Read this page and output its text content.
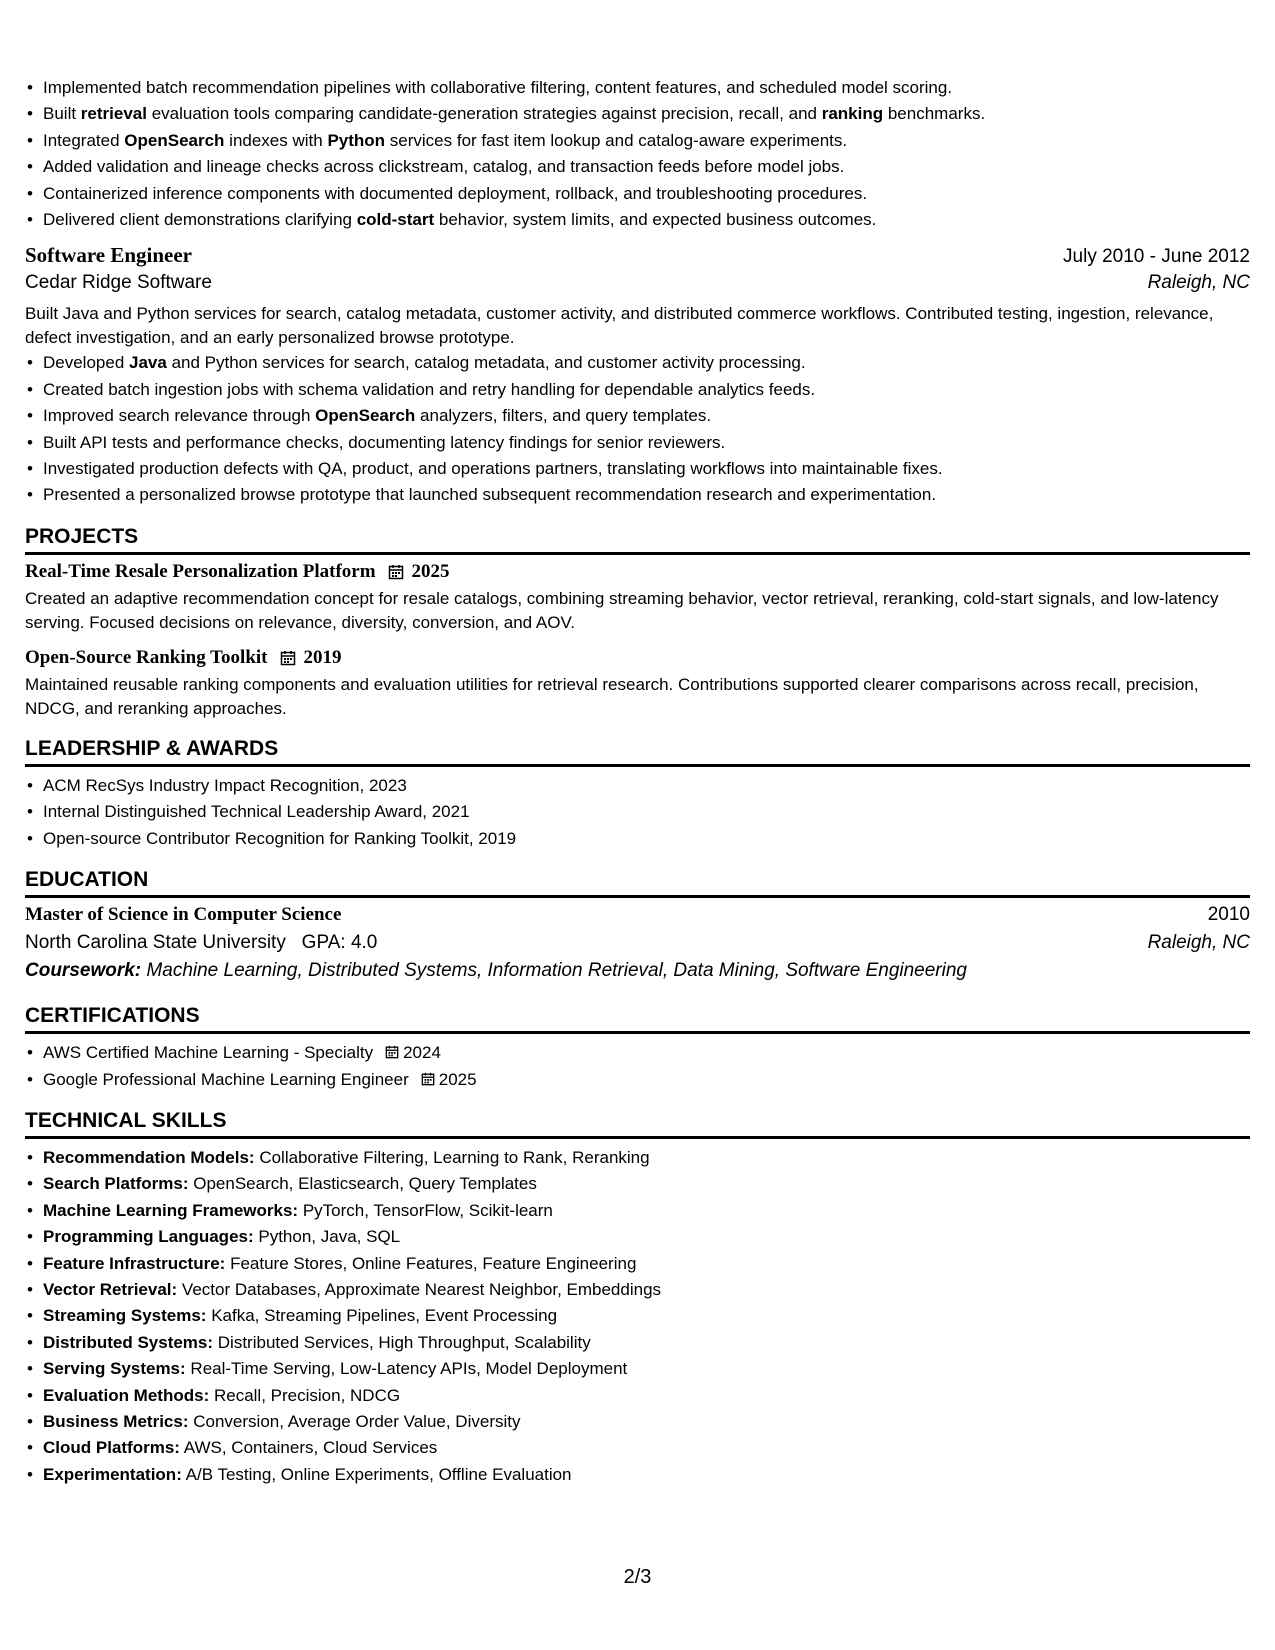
• Implemented batch recommendation pipelines with collaborative filtering, content features, and scheduled model scoring.
• Built retrieval evaluation tools comparing candidate-generation strategies against precision, recall, and ranking benchmarks.
• Integrated OpenSearch indexes with Python services for fast item lookup and catalog-aware experiments.
• Added validation and lineage checks across clickstream, catalog, and transaction feeds before model jobs.
• Containerized inference components with documented deployment, rollback, and troubleshooting procedures.
• Delivered client demonstrations clarifying cold-start behavior, system limits, and expected business outcomes.
Software Engineer	July 2010 - June 2012
Cedar Ridge Software	Raleigh, NC

Built Java and Python services for search, catalog metadata, customer activity, and distributed commerce workflows. Contributed testing, ingestion, relevance, defect investigation, and an early personalized browse prototype.

• Developed Java and Python services for search, catalog metadata, and customer activity processing.
• Created batch ingestion jobs with schema validation and retry handling for dependable analytics feeds.
• Improved search relevance through OpenSearch analyzers, filters, and query templates.
• Built API tests and performance checks, documenting latency findings for senior reviewers.
• Investigated production defects with QA, product, and operations partners, translating workflows into maintainable fixes.
• Presented a personalized browse prototype that launched subsequent recommendation research and experimentation.
PROJECTS
Real-Time Resale Personalization Platform 2025

Created an adaptive recommendation concept for resale catalogs, combining streaming behavior, vector retrieval, reranking, cold-start signals, and low-latency serving. Focused decisions on relevance, diversity, conversion, and AOV.

Open-Source Ranking Toolkit 2019

Maintained reusable ranking components and evaluation utilities for retrieval research. Contributions supported clearer comparisons across recall, precision, NDCG, and reranking approaches.

LEADERSHIP & AWARDS
• ACM RecSys Industry Impact Recognition, 2023
• Internal Distinguished Technical Leadership Award, 2021
• Open-source Contributor Recognition for Ranking Toolkit, 2019
EDUCATION
Master of Science in Computer Science	2010
North Carolina State University GPA: 4.0	Raleigh, NC
Coursework: Machine Learning, Distributed Systems, Information Retrieval, Data Mining, Software Engineering
CERTIFICATIONS
• AWS Certified Machine Learning - Specialty 2024
• Google Professional Machine Learning Engineer 2025
TECHNICAL SKILLS
• Recommendation Models: Collaborative Filtering, Learning to Rank, Reranking
• Search Platforms: OpenSearch, Elasticsearch, Query Templates
• Machine Learning Frameworks: PyTorch, TensorFlow, Scikit-learn
• Programming Languages: Python, Java, SQL
• Feature Infrastructure: Feature Stores, Online Features, Feature Engineering
• Vector Retrieval: Vector Databases, Approximate Nearest Neighbor, Embeddings
• Streaming Systems: Kafka, Streaming Pipelines, Event Processing
• Distributed Systems: Distributed Services, High Throughput, Scalability
• Serving Systems: Real-Time Serving, Low-Latency APIs, Model Deployment
• Evaluation Methods: Recall, Precision, NDCG
• Business Metrics: Conversion, Average Order Value, Diversity
• Cloud Platforms: AWS, Containers, Cloud Services
• Experimentation: A/B Testing, Online Experiments, Offline Evaluation
2/3
